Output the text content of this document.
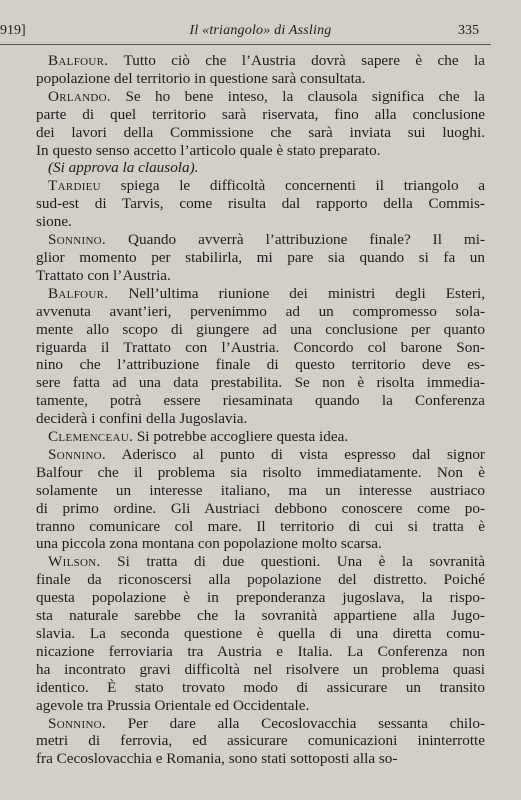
919]	Il «triangolo» di Assling	335
Balfour. Tutto ciò che l’Austria dovrà sapere è che la
popolazione del territorio in questione sarà consultata.
Orlando. Se ho bene inteso, la clausola significa che la
parte di quel territorio sarà riservata, fino alla conclusione
dei lavori della Commissione che sarà inviata sui luoghi.
In questo senso accetto l’articolo quale è stato preparato.
(Si approva la clausola).
Tardieu spiega le difficoltà concernenti il triangolo a
sud-est di Tarvis, come risulta dal rapporto della Commis-
sione.
Sonnino. Quando avverrà l’attribuzione finale? Il mi-
glior momento per stabilirla, mi pare sia quando si fa un
Trattato con l’Austria.
Balfour. Nell’ultima riunione dei ministri degli Esteri,
avvenuta avant’ieri, pervenimmo ad un compromesso sola-
mente allo scopo di giungere ad una conclusione per quanto
riguarda il Trattato con l’Austria. Concordo col barone Son-
nino che l’attribuzione finale di questo territorio deve es-
sere fatta ad una data prestabilita. Se non è risolta immedia-
tamente, potrà essere riesaminata quando la Conferenza
deciderà i confini della Jugoslavia.
Clemenceau. Si potrebbe accogliere questa idea.
Sonnino. Aderisco al punto di vista espresso dal signor
Balfour che il problema sia risolto immediatamente. Non è
solamente un interesse italiano, ma un interesse austriaco
di primo ordine. Gli Austriaci debbono conoscere come po-
tranno comunicare col mare. Il territorio di cui si tratta è
una piccola zona montana con popolazione molto scarsa.
Wilson. Si tratta di due questioni. Una è la sovranità
finale da riconoscersi alla popolazione del distretto. Poiché
questa popolazione è in preponderanza jugoslava, la rispo-
sta naturale sarebbe che la sovranità appartiene alla Jugo-
slavia. La seconda questione è quella di una diretta comu-
nicazione ferroviaria tra Austria e Italia. La Conferenza non
ha incontrato gravi difficoltà nel risolvere un problema quasi
identico. È stato trovato modo di assicurare un transito
agevole tra Prussia Orientale ed Occidentale.
Sonnino. Per dare alla Cecoslovacchia sessanta chilo-
metri di ferrovia, ed assicurare comunicazioni ininterrotte
fra Cecoslovacchia e Romania, sono stati sottoposti alla so-
